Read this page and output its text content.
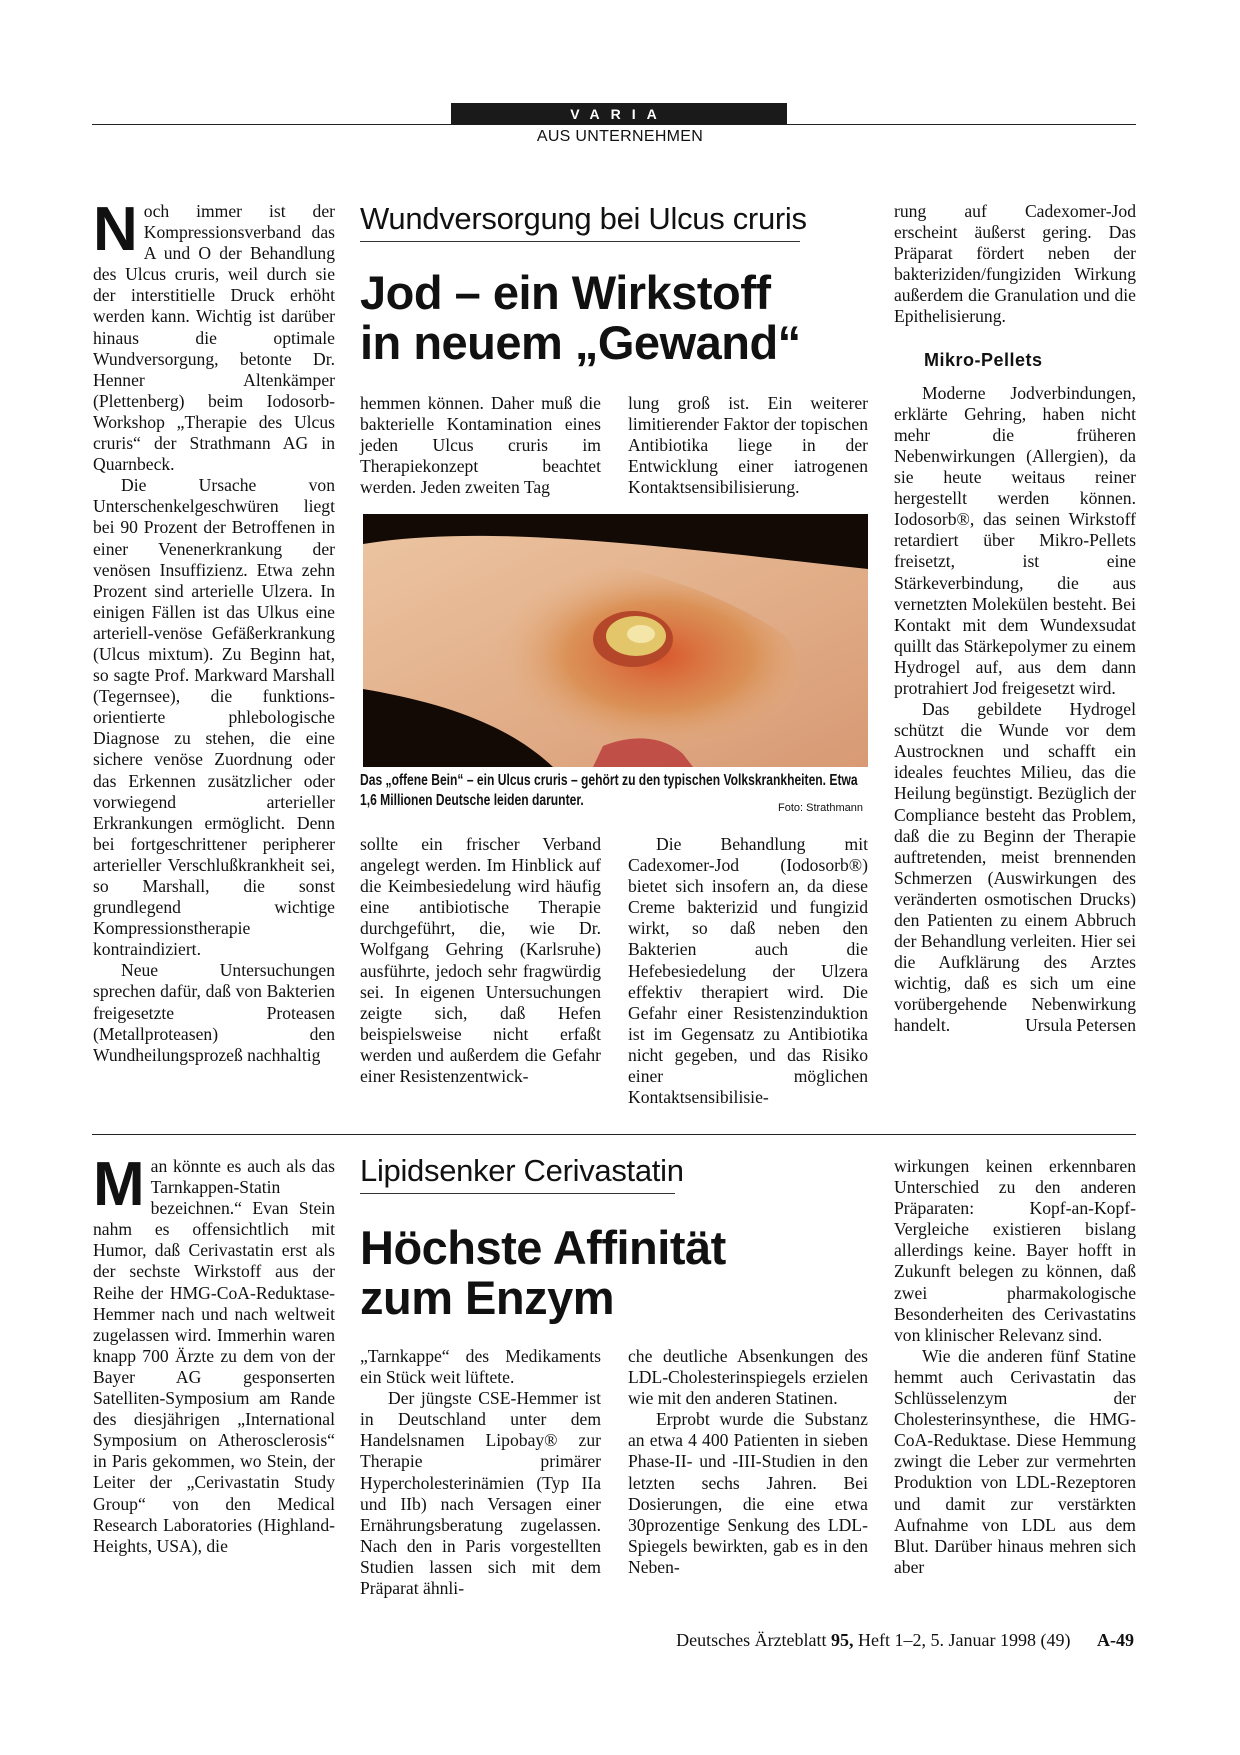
VARIA
AUS UNTERNEHMEN

Noch immer ist der Kompressionsverband das A und O der Behandlung des Ulcus cruris, weil durch sie der interstitielle Druck erhöht werden kann. Wichtig ist darüber hinaus die optimale Wundversorgung, betonte Dr. Henner Altenkämper (Plettenberg) beim Iodosorb-Workshop „Therapie des Ulcus cruris“ der Strathmann AG in Quarnbeck.

Die Ursache von Unterschenkelgeschwüren liegt bei 90 Prozent der Betroffenen in einer Venenerkrankung der venösen Insuffizienz. Etwa zehn Prozent sind arterielle Ulzera. In einigen Fällen ist das Ulkus eine arteriell-venöse Gefäßerkrankung (Ulcus mixtum). Zu Beginn hat, so sagte Prof. Markward Marshall (Tegernsee), die funktions-orientierte phlebologische Diagnose zu stehen, die eine sichere venöse Zuordnung oder das Erkennen zusätzlicher oder vorwiegend arterieller Erkrankungen ermöglicht. Denn bei fortgeschrittener peripherer arterieller Verschlußkrankheit sei, so Marshall, die sonst grundlegend wichtige Kompressionstherapie kontraindiziert.

Neue Untersuchungen sprechen dafür, daß von Bakterien freigesetzte Proteasen (Metallproteasen) den Wundheilungsprozeß nachhaltig

Wundversorgung bei Ulcus cruris
Jod – ein Wirkstoff
in neuem „Gewand“

hemmen können. Daher muß die bakterielle Kontamination eines jeden Ulcus cruris im Therapiekonzept beachtet werden. Jeden zweiten Tag

lung groß ist. Ein weiterer limitierender Faktor der topischen Antibiotika liege in der Entwicklung einer iatrogenen Kontaktsensibilisierung.

Das „offene Bein“ – ein Ulcus cruris – gehört zu den typischen Volkskrankheiten. Etwa 1,6 Millionen Deutsche leiden darunter.	Foto: Strathmann

sollte ein frischer Verband angelegt werden. Im Hinblick auf die Keimbesiedelung wird häufig eine antibiotische Therapie durchgeführt, die, wie Dr. Wolfgang Gehring (Karlsruhe) ausführte, jedoch sehr fragwürdig sei. In eigenen Untersuchungen zeigte sich, daß Hefen beispielsweise nicht erfaßt werden und außerdem die Gefahr einer Resistenzentwick-

Die Behandlung mit Cadexomer-Jod (Iodosorb®) bietet sich insofern an, da diese Creme bakterizid und fungizid wirkt, so daß neben den Bakterien auch die Hefebesiedelung der Ulzera effektiv therapiert wird. Die Gefahr einer Resistenzinduktion ist im Gegensatz zu Antibiotika nicht gegeben, und das Risiko einer möglichen Kontaktsensibilisie-

rung auf Cadexomer-Jod erscheint äußerst gering. Das Präparat fördert neben der bakteriziden/fungiziden Wirkung außerdem die Granulation und die Epithelisierung.

Mikro-Pellets

Moderne Jodverbindungen, erklärte Gehring, haben nicht mehr die früheren Nebenwirkungen (Allergien), da sie heute weitaus reiner hergestellt werden können. Iodosorb®, das seinen Wirkstoff retardiert über Mikro-Pellets freisetzt, ist eine Stärkeverbindung, die aus vernetzten Molekülen besteht. Bei Kontakt mit dem Wundexsudat quillt das Stärkepolymer zu einem Hydrogel auf, aus dem dann protrahiert Jod freigesetzt wird.

Das gebildete Hydrogel schützt die Wunde vor dem Austrocknen und schafft ein ideales feuchtes Milieu, das die Heilung begünstigt. Bezüglich der Compliance besteht das Problem, daß die zu Beginn der Therapie auftretenden, meist brennenden Schmerzen (Auswirkungen des veränderten osmotischen Drucks) den Patienten zu einem Abbruch der Behandlung verleiten. Hier sei die Aufklärung des Arztes wichtig, daß es sich um eine vorübergehende Nebenwirkung handelt.	Ursula Petersen

Man könnte es auch als das Tarnkappen-Statin bezeichnen.“ Evan Stein nahm es offensichtlich mit Humor, daß Cerivastatin erst als der sechste Wirkstoff aus der Reihe der HMG-CoA-Reduktase-Hemmer nach und nach weltweit zugelassen wird. Immerhin waren knapp 700 Ärzte zu dem von der Bayer AG gesponserten Satelliten-Symposium am Rande des diesjährigen „International Symposium on Atherosclerosis“ in Paris gekommen, wo Stein, der Leiter der „Cerivastatin Study Group“ von den Medical Research Laboratories (Highland-Heights, USA), die

Lipidsenker Cerivastatin
Höchste Affinität
zum Enzym

„Tarnkappe“ des Medikaments ein Stück weit lüftete.

Der jüngste CSE-Hemmer ist in Deutschland unter dem Handelsnamen Lipobay® zur Therapie primärer Hypercholesterinämien (Typ IIa und IIb) nach Versagen einer Ernährungsberatung zugelassen. Nach den in Paris vorgestellten Studien lassen sich mit dem Präparat ähnli-

che deutliche Absenkungen des LDL-Cholesterinspiegels erzielen wie mit den anderen Statinen.

Erprobt wurde die Substanz an etwa 4 400 Patienten in sieben Phase-II- und -III-Studien in den letzten sechs Jahren. Bei Dosierungen, die eine etwa 30prozentige Senkung des LDL-Spiegels bewirkten, gab es in den Neben-

wirkungen keinen erkennbaren Unterschied zu den anderen Präparaten: Kopf-an-Kopf-Vergleiche existieren bislang allerdings keine. Bayer hofft in Zukunft belegen zu können, daß zwei pharmakologische Besonderheiten des Cerivastatins von klinischer Relevanz sind.

Wie die anderen fünf Statine hemmt auch Cerivastatin das Schlüsselenzym der Cholesterinsynthese, die HMG-CoA-Reduktase. Diese Hemmung zwingt die Leber zur vermehrten Produktion von LDL-Rezeptoren und damit zur verstärkten Aufnahme von LDL aus dem Blut. Darüber hinaus mehren sich aber

Deutsches Ärzteblatt 95, Heft 1–2, 5. Januar 1998 (49) A-49
